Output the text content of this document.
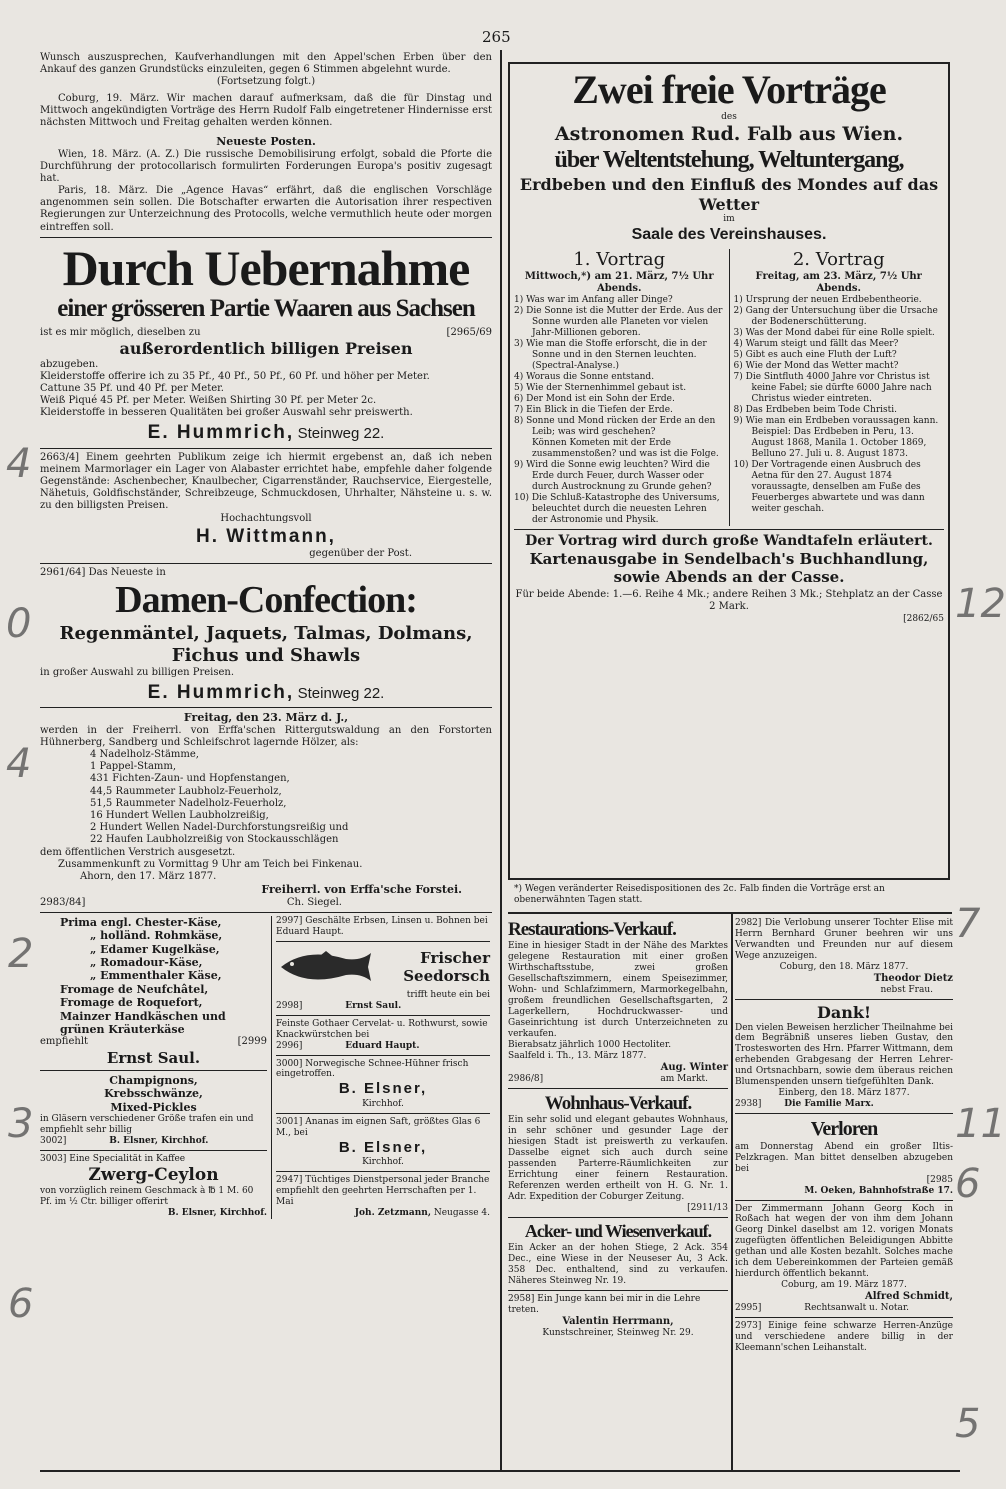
265

Wunsch auszusprechen, Kaufverhandlungen mit den Appel'schen Erben über den Ankauf des ganzen Grundstücks einzuleiten, gegen 6 Stimmen abgelehnt wurde.

(Fortsetzung folgt.)

Coburg, 19. März. Wir machen darauf aufmerksam, daß die für Dinstag und Mittwoch angekündigten Vorträge des Herrn Rudolf Falb eingetretener Hindernisse erst nächsten Mittwoch und Freitag gehalten werden können.

Neueste Posten.

Wien, 18. März. (A. Z.) Die russische Demobilisirung erfolgt, sobald die Pforte die Durchführung der protocollarisch formulirten Forderungen Europa's positiv zugesagt hat.

Paris, 18. März. Die „Agence Havas“ erfährt, daß die englischen Vorschläge angenommen sein sollen. Die Botschafter erwarten die Autorisation ihrer respectiven Regierungen zur Unterzeichnung des Protocolls, welche vermuthlich heute oder morgen eintreffen soll.

Durch Uebernahme

einer grösseren Partie Waaren aus Sachsen

ist es mir möglich, dieselben zu	[2965/69

außerordentlich billigen Preisen

abzugeben.

Kleiderstoffe offerire ich zu 35 Pf., 40 Pf., 50 Pf., 60 Pf. und höher per Meter.

Cattune 35 Pf. und 40 Pf. per Meter.

Weiß Piqué 45 Pf. per Meter. Weißen Shirting 30 Pf. per Meter 2c.

Kleiderstoffe in besseren Qualitäten bei großer Auswahl sehr preiswerth.

E. Hummrich, Steinweg 22.

2663/4] Einem geehrten Publikum zeige ich hiermit ergebenst an, daß ich neben meinem Marmorlager ein Lager von Alabaster errichtet habe, empfehle daher folgende Gegenstände: Aschenbecher, Knaulbecher, Cigarrenständer, Rauchservice, Eiergestelle, Nähetuis, Goldfischständer, Schreibzeuge, Schmuckdosen, Uhrhalter, Nähsteine u. s. w. zu den billigsten Preisen.

Hochachtungsvoll

H. Wittmann,

gegenüber der Post.

2961/64] Das Neueste in

Damen-Confection:

Regenmäntel, Jaquets, Talmas, Dolmans,

Fichus und Shawls

in großer Auswahl zu billigen Preisen.

E. Hummrich, Steinweg 22.

Freitag, den 23. März d. J.,

werden in der Freiherrl. von Erffa'schen Rittergutswaldung an den Forstorten Hühnerberg, Sandberg und Schleifschrot lagernde Hölzer, als:

4 Nadelholz-Stämme,

1 Pappel-Stamm,

431 Fichten-Zaun- und Hopfenstangen,

44,5 Raummeter Laubholz-Feuerholz,

51,5 Raummeter Nadelholz-Feuerholz,

16 Hundert Wellen Laubholzreißig,

2 Hundert Wellen Nadel-Durchforstungsreißig und

22 Haufen Laubholzreißig von Stockausschlägen

dem öffentlichen Verstrich ausgesetzt.

Zusammenkunft zu Vormittag 9 Uhr am Teich bei Finkenau.

Ahorn, den 17. März 1877.

Freiherrl. von Erffa'sche Forstei.

2983/84]	Ch. Siegel.

Prima engl. Chester-Käse,

„ holländ. Rohmkäse,

„ Edamer Kugelkäse,

„ Romadour-Käse,

„ Emmenthaler Käse,

Fromage de Neufchâtel,

Fromage de Roquefort,

Mainzer Handkäschen und

grünen Kräuterkäse

empfiehlt	[2999

Ernst Saul.

Champignons,

Krebsschwänze,

Mixed-Pickles

in Gläsern verschiedener Größe trafen ein und empfiehlt sehr billig

3002]	B. Elsner, Kirchhof.

3003] Eine Specialität in Kaffee

Zwerg-Ceylon

von vorzüglich reinem Geschmack à ℔ 1 M. 60 Pf. im ½ Ctr. billiger offerirt

B. Elsner, Kirchhof.

2997] Geschälte Erbsen, Linsen u. Bohnen bei Eduard Haupt.

Frischer Seedorsch

trifft heute ein bei

2998]	Ernst Saul.

Feinste Gothaer Cervelat- u. Rothwurst, sowie Knackwürstchen bei

2996]	Eduard Haupt.

3000] Norwegische Schnee-Hühner frisch eingetroffen.

B. Elsner,

Kirchhof.

3001] Ananas im eignen Saft, größtes Glas 6 M., bei

B. Elsner,

Kirchhof.

2947] Tüchtiges Dienstpersonal jeder Branche empfiehlt den geehrten Herrschaften per 1. Mai

Joh. Zetzmann, Neugasse 4.

Zwei freie Vorträge

des

Astronomen Rud. Falb aus Wien.

über Weltentstehung, Weltuntergang,

Erdbeben und den Einfluß des Mondes auf das Wetter

im

Saale des Vereinshauses.

1. Vortrag

Mittwoch,*) am 21. März, 7½ Uhr Abends.

1) Was war im Anfang aller Dinge?

2) Die Sonne ist die Mutter der Erde. Aus der Sonne wurden alle Planeten vor vielen Jahr-Millionen geboren.

3) Wie man die Stoffe erforscht, die in der Sonne und in den Sternen leuchten. (Spectral-Analyse.)

4) Woraus die Sonne entstand.

5) Wie der Sternenhimmel gebaut ist.

6) Der Mond ist ein Sohn der Erde.

7) Ein Blick in die Tiefen der Erde.

8) Sonne und Mond rücken der Erde an den Leib; was wird geschehen?

Können Kometen mit der Erde zusammenstoßen? und was ist die Folge.

9) Wird die Sonne ewig leuchten? Wird die Erde durch Feuer, durch Wasser oder durch Austrocknung zu Grunde gehen?

10) Die Schluß-Katastrophe des Universums, beleuchtet durch die neuesten Lehren der Astronomie und Physik.

2. Vortrag

Freitag, am 23. März, 7½ Uhr Abends.

1) Ursprung der neuen Erdbebentheorie.

2) Gang der Untersuchung über die Ursache der Bodenerschütterung.

3) Was der Mond dabei für eine Rolle spielt.

4) Warum steigt und fällt das Meer?

5) Gibt es auch eine Fluth der Luft?

6) Wie der Mond das Wetter macht?

7) Die Sintfluth 4000 Jahre vor Christus ist keine Fabel; sie dürfte 6000 Jahre nach Christus wieder eintreten.

8) Das Erdbeben beim Tode Christi.

9) Wie man ein Erdbeben voraussagen kann. Beispiel: Das Erdbeben in Peru, 13. August 1868, Manila 1. October 1869, Belluno 27. Juli u. 8. August 1873.

10) Der Vortragende einen Ausbruch des Aetna für den 27. August 1874 voraussagte, denselben am Fuße des Feuerberges abwartete und was dann weiter geschah.

Der Vortrag wird durch große Wandtafeln erläutert.

Kartenausgabe in Sendelbach's Buchhandlung, sowie Abends an der Casse.

Für beide Abende: 1.—6. Reihe 4 Mk.; andere Reihen 3 Mk.; Stehplatz an der Casse 2 Mark.

[2862/65

*) Wegen veränderter Reisedispositionen des 2c. Falb finden die Vorträge erst an obenerwähnten Tagen statt.

Restaurations-Verkauf.

Eine in hiesiger Stadt in der Nähe des Marktes gelegene Restauration mit einer großen Wirthschaftsstube, zwei großen Gesellschaftszimmern, einem Speisezimmer, Wohn- und Schlafzimmern, Marmorkegelbahn, großem freundlichen Gesellschaftsgarten, 2 Lagerkellern, Hochdruckwasser- und Gaseinrichtung ist durch Unterzeichneten zu verkaufen.

Bierabsatz jährlich 1000 Hectoliter.

Saalfeld i. Th., 13. März 1877.

Aug. Winter

2986/8]	am Markt.

Wohnhaus-Verkauf.

Ein sehr solid und elegant gebautes Wohnhaus, in sehr schöner und gesunder Lage der hiesigen Stadt ist preiswerth zu verkaufen. Dasselbe eignet sich auch durch seine passenden Parterre-Räumlichkeiten zur Errichtung einer feinern Restauration. Referenzen werden ertheilt von H. G. Nr. 1. Adr. Expedition der Coburger Zeitung.

[2911/13

Acker- und Wiesenverkauf.

Ein Acker an der hohen Stiege, 2 Ack. 354 Dec., eine Wiese in der Neuseser Au, 3 Ack. 358 Dec. enthaltend, sind zu verkaufen. Näheres Steinweg Nr. 19.

2958] Ein Junge kann bei mir in die Lehre treten.

Valentin Herrmann,

Kunstschreiner, Steinweg Nr. 29.

2982] Die Verlobung unserer Tochter Elise mit Herrn Bernhard Gruner beehren wir uns Verwandten und Freunden nur auf diesem Wege anzuzeigen.

Coburg, den 18. März 1877.

Theodor Dietz

nebst Frau.

Dank!

Den vielen Beweisen herzlicher Theilnahme bei dem Begräbniß unseres lieben Gustav, den Trostesworten des Hrn. Pfarrer Wittmann, dem erhebenden Grabgesang der Herren Lehrer- und Ortsnachbarn, sowie dem überaus reichen Blumenspenden unsern tiefgefühlten Dank.

Einberg, den 18. März 1877.

2938]	Die Familie Marx.

Verloren

am Donnerstag Abend ein großer Iltis-Pelzkragen. Man bittet denselben abzugeben bei

[2985

M. Oeken, Bahnhofstraße 17.

Der Zimmermann Johann Georg Koch in Roßach hat wegen der von ihm dem Johann Georg Dinkel daselbst am 12. vorigen Monats zugefügten öffentlichen Beleidigungen Abbitte gethan und alle Kosten bezahlt. Solches mache ich dem Uebereinkommen der Parteien gemäß hierdurch öffentlich bekannt.

Coburg, am 19. März 1877.

Alfred Schmidt,

2995]	Rechtsanwalt u. Notar.

2973] Einige feine schwarze Herren-Anzüge und verschiedene andere billig in der Kleemann'schen Leihanstalt.

4
0
4
2
3
6
12
7
11
6
5
